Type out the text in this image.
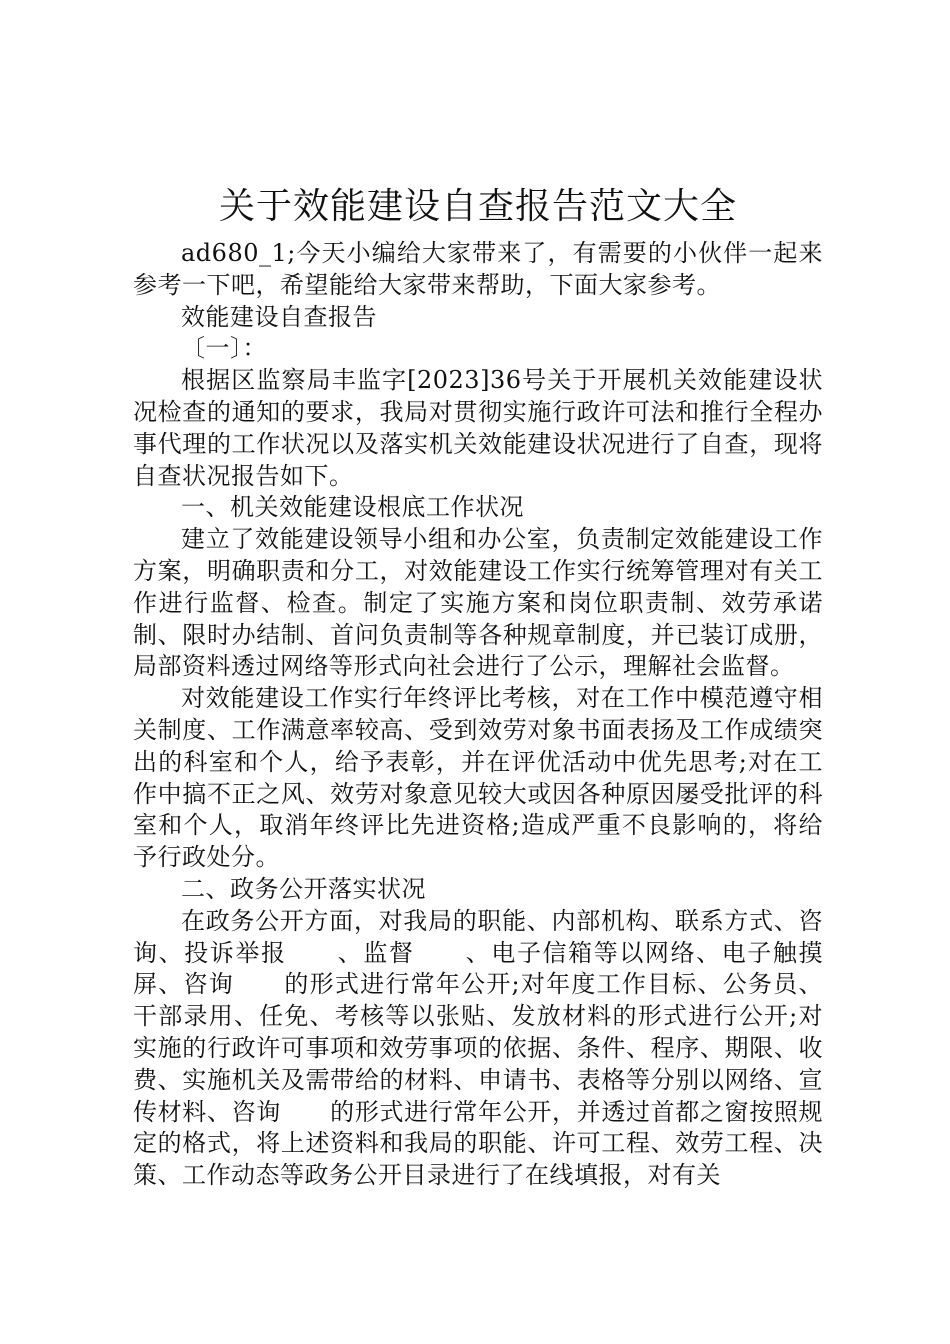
关于效能建设自查报告范文大全

ad680_1;今天小编给大家带来了，有需要的小伙伴一起来参考一下吧，希望能给大家带来帮助，下面大家参考。

效能建设自查报告

〔一〕：

根据区监察局丰监字[2023]36号关于开展机关效能建设状况检查的通知的要求，我局对贯彻实施行政许可法和推行全程办事代理的工作状况以及落实机关效能建设状况进行了自查，现将自查状况报告如下。

一、机关效能建设根底工作状况

建立了效能建设领导小组和办公室，负责制定效能建设工作方案，明确职责和分工，对效能建设工作实行统筹管理对有关工作进行监督、检查。制定了实施方案和岗位职责制、效劳承诺制、限时办结制、首问负责制等各种规章制度，并已装订成册，局部资料透过网络等形式向社会进行了公示，理解社会监督。

对效能建设工作实行年终评比考核，对在工作中模范遵守相关制度、工作满意率较高、受到效劳对象书面表扬及工作成绩突出的科室和个人，给予表彰，并在评优活动中优先思考;对在工作中搞不正之风、效劳对象意见较大或因各种原因屡受批评的科室和个人，取消年终评比先进资格;造成严重不良影响的，将给予行政处分。

二、政务公开落实状况

在政务公开方面，对我局的职能、内部机构、联系方式、咨询、投诉举报　　、监督　　、电子信箱等以网络、电子触摸屏、咨询　　的形式进行常年公开;对年度工作目标、公务员、干部录用、任免、考核等以张贴、发放材料的形式进行公开;对实施的行政许可事项和效劳事项的依据、条件、程序、期限、收费、实施机关及需带给的材料、申请书、表格等分别以网络、宣传材料、咨询　　的形式进行常年公开，并透过首都之窗按照规定的格式，将上述资料和我局的职能、许可工程、效劳工程、决策、工作动态等政务公开目录进行了在线填报，对有关
